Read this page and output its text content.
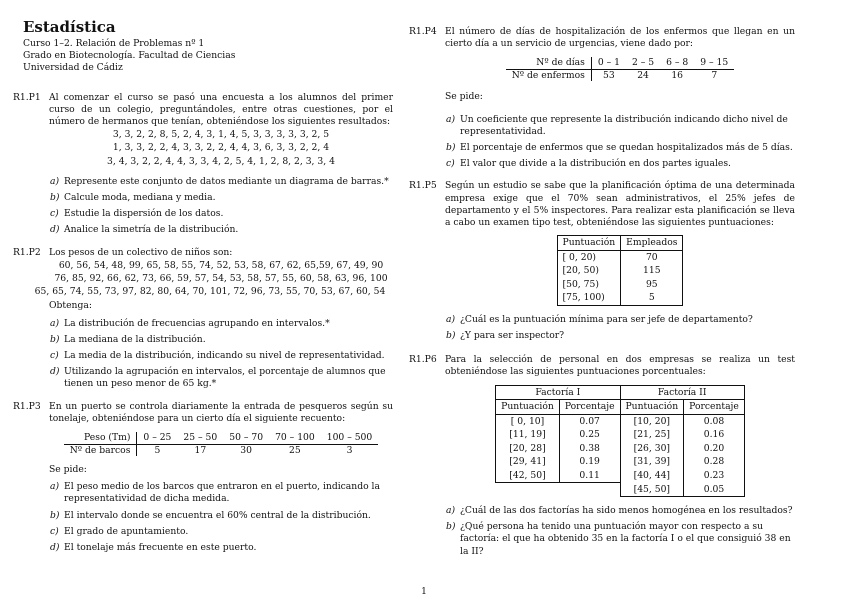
Estadística
Curso 1–2. Relación de Problemas nº 1
Grado en Biotecnología. Facultad de Ciencias
Universidad de Cádiz
R1.P1 Al comenzar el curso se pasó una encuesta a los alumnos del primer curso de un colegio, preguntándoles, entre otras cuestiones, por el número de hermanos que tenían, obteniéndose los siguientes resultados:
3, 3, 2, 2, 8, 5, 2, 4, 3, 1, 4, 5, 3, 3, 3, 3, 3, 2, 5
1, 3, 3, 2, 2, 4, 3, 3, 2, 2, 4, 4, 3, 6, 3, 3, 2, 2, 4
3, 4, 3, 2, 2, 4, 4, 3, 3, 4, 2, 5, 4, 1, 2, 8, 2, 3, 3, 4
a) Represente este conjunto de datos mediante un diagrama de barras.*
b) Calcule moda, mediana y media.
c) Estudie la dispersión de los datos.
d) Analice la simetría de la distribución.
R1.P2 Los pesos de un colectivo de niños son:
60, 56, 54, 48, 99, 65, 58, 55, 74, 52, 53, 58, 67, 62, 65,59, 67, 49, 90
76, 85, 92, 66, 62, 73, 66, 59, 57, 54, 53, 58, 57, 55, 60, 58, 63, 96, 100
65, 65, 74, 55, 73, 97, 82, 80, 64, 70, 101, 72, 96, 73, 55, 70, 53, 67, 60, 54
Obtenga:
a) La distribución de frecuencias agrupando en intervalos.*
b) La mediana de la distribución.
c) La media de la distribución, indicando su nivel de representatividad.
d) Utilizando la agrupación en intervalos, el porcentaje de alumnos que tienen un peso menor de 65 kg.*
R1.P3 En un puerto se controla diariamente la entrada de pesqueros según su tonelaje, obteniéndose para un cierto día el siguiente recuento:
Peso (Tm)	0 – 25	25 – 50	50 – 70	70 – 100	100 – 500
Nº de barcos	5	17	30	25	3
Se pide:
a) El peso medio de los barcos que entraron en el puerto, indicando la representatividad de dicha medida.
b) El intervalo donde se encuentra el 60% central de la distribución.
c) El grado de apuntamiento.
d) El tonelaje más frecuente en este puerto.
R1.P4 El número de días de hospitalización de los enfermos que llegan en un cierto día a un servicio de urgencias, viene dado por:
Nº de días	0 – 1	2 – 5	6 – 8	9 – 15
Nº de enfermos	53	24	16	7
Se pide:
a) Un coeficiente que represente la distribución indicando dicho nivel de representatividad.
b) El porcentaje de enfermos que se quedan hospitalizados más de 5 días.
c) El valor que divide a la distribución en dos partes iguales.
R1.P5 Según un estudio se sabe que la planificación óptima de una determinada empresa exige que el 70% sean administrativos, el 25% jefes de departamento y el 5% inspectores. Para realizar esta planificación se lleva a cabo un examen tipo test, obteniéndose las siguientes puntuaciones:
Puntuación	Empleados
[ 0, 20)	70
[20, 50)	115
[50, 75)	95
[75, 100)	5
a) ¿Cuál es la puntuación mínima para ser jefe de departamento?
b) ¿Y para ser inspector?
R1.P6 Para la selección de personal en dos empresas se realiza un test obteniéndose las siguientes puntuaciones porcentuales:
Factoría I		Factoría II	
Puntuación	Porcentaje	Puntuación	Porcentaje
[ 0, 10]	0.07	[10, 20]	0.08
[11, 19]	0.25	[21, 25]	0.16
[20, 28]	0.38	[26, 30]	0.20
[29, 41]	0.19	[31, 39]	0.28
[42, 50]	0.11	[40, 44]	0.23
		[45, 50]	0.05
a) ¿Cuál de las dos factorías ha sido menos homogénea en los resultados?
b) ¿Qué persona ha tenido una puntuación mayor con respecto a su factoría: el que ha obtenido 35 en la factoría I o el que consiguió 38 en la II?
1
